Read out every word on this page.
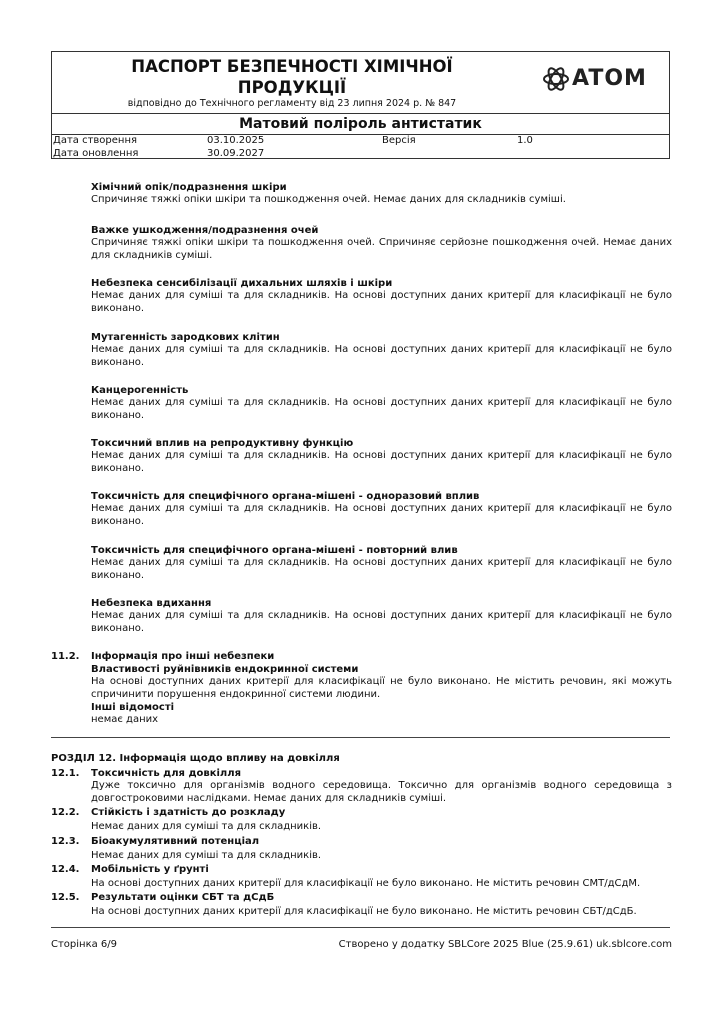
ПАСПОРТ БЕЗПЕЧНОСТІ ХІМІЧНОЇ
ПРОДУКЦІЇ
відповідно до Технічного регламенту від 23 липня 2024 р. № 847
ATOM
Матовий поліроль антистатик
Дата створення	03.10.2025	Версія	1.0
Дата оновлення	30.09.2027
Хімічний опік/подразнення шкіри
Спричиняє тяжкі опіки шкіри та пошкодження очей. Немає даних для складників суміші.
Важке ушкодження/подразнення очей
Спричиняє тяжкі опіки шкіри та пошкодження очей. Спричиняє серйозне пошкодження очей. Немає даних для складників суміші.
Небезпека сенсибілізації дихальних шляхів і шкіри
Немає даних для суміші та для складників. На основі доступних даних критерії для класифікації не було виконано.
Мутагенність зародкових клітин
Немає даних для суміші та для складників. На основі доступних даних критерії для класифікації не було виконано.
Канцерогенність
Немає даних для суміші та для складників. На основі доступних даних критерії для класифікації не було виконано.
Токсичний вплив на репродуктивну функцію
Немає даних для суміші та для складників. На основі доступних даних критерії для класифікації не було виконано.
Токсичність для специфічного органа-мішені - одноразовий вплив
Немає даних для суміші та для складників. На основі доступних даних критерії для класифікації не було виконано.
Токсичність для специфічного органа-мішені - повторний влив
Немає даних для суміші та для складників. На основі доступних даних критерії для класифікації не було виконано.
Небезпека вдихання
Немає даних для суміші та для складників. На основі доступних даних критерії для класифікації не було виконано.
11.2. Інформація про інші небезпеки
Властивості руйнівників ендокринної системи
На основі доступних даних критерії для класифікації не було виконано. Не містить речовин, які можуть спричинити порушення ендокринної системи людини.
Інші відомості
немає даних
РОЗДІЛ 12. Інформація щодо впливу на довкілля
12.1. Токсичність для довкілля
Дуже токсично для організмів водного середовища. Токсично для організмів водного середовища з довгостроковими наслідками. Немає даних для складників суміші.
12.2. Стійкість і здатність до розкладу
Немає даних для суміші та для складників.
12.3. Біоакумулятивний потенціал
Немає даних для суміші та для складників.
12.4. Мобільність у ґрунті
На основі доступних даних критерії для класифікації не було виконано. Не містить речовин СМТ/дСдМ.
12.5. Результати оцінки СБТ та дСдБ
На основі доступних даних критерії для класифікації не було виконано. Не містить речовин СБТ/дСдБ.
Сторінка 6/9	Створено у додатку SBLCore 2025 Blue (25.9.61) uk.sblcore.com
